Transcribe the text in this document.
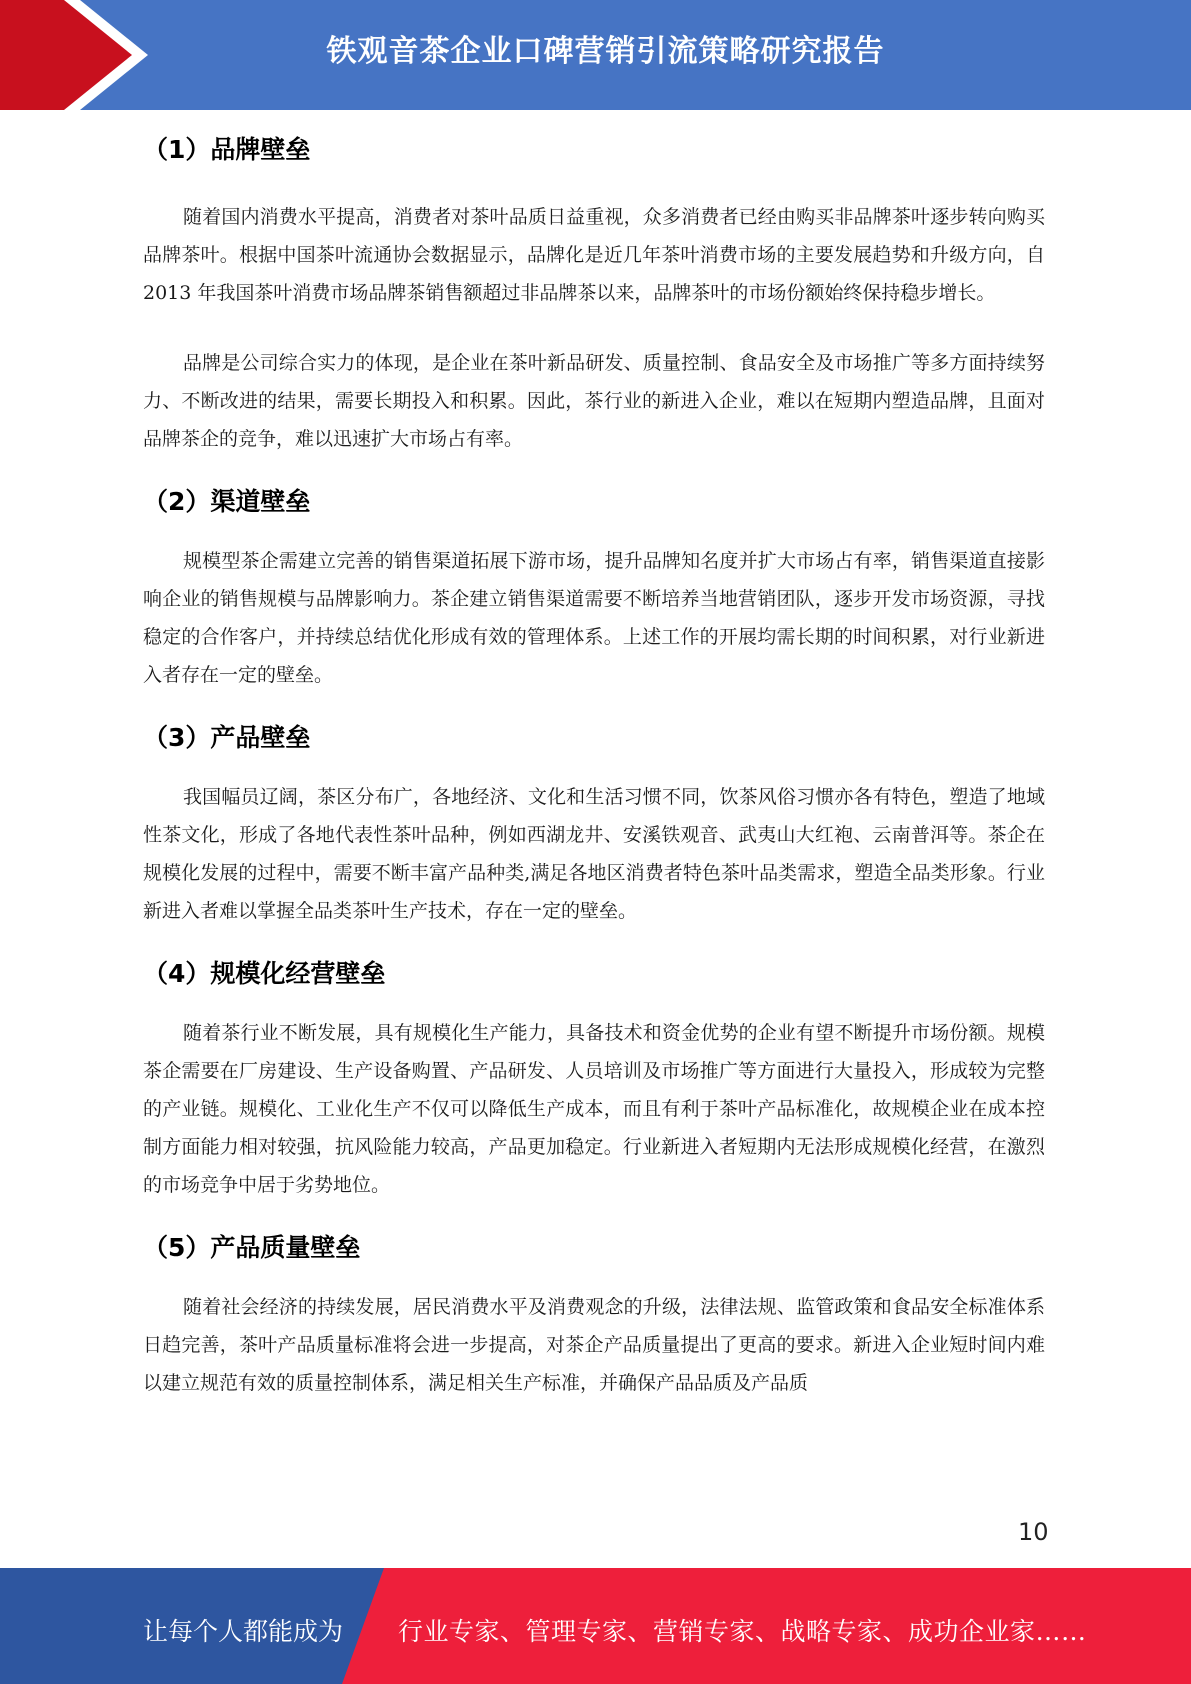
铁观音茶企业口碑营销引流策略研究报告
（1）品牌壁垒

随着国内消费水平提高，消费者对茶叶品质日益重视，众多消费者已经由购买非品牌茶叶逐步转向购买品牌茶叶。根据中国茶叶流通协会数据显示，品牌化是近几年茶叶消费市场的主要发展趋势和升级方向，自 2013 年我国茶叶消费市场品牌茶销售额超过非品牌茶以来，品牌茶叶的市场份额始终保持稳步增长。

品牌是公司综合实力的体现，是企业在茶叶新品研发、质量控制、食品安全及市场推广等多方面持续努力、不断改进的结果，需要长期投入和积累。因此，茶行业的新进入企业，难以在短期内塑造品牌，且面对品牌茶企的竞争，难以迅速扩大市场占有率。

（2）渠道壁垒

规模型茶企需建立完善的销售渠道拓展下游市场，提升品牌知名度并扩大市场占有率，销售渠道直接影响企业的销售规模与品牌影响力。茶企建立销售渠道需要不断培养当地营销团队，逐步开发市场资源，寻找稳定的合作客户，并持续总结优化形成有效的管理体系。上述工作的开展均需长期的时间积累，对行业新进入者存在一定的壁垒。

（3）产品壁垒

我国幅员辽阔，茶区分布广，各地经济、文化和生活习惯不同，饮茶风俗习惯亦各有特色，塑造了地域性茶文化，形成了各地代表性茶叶品种，例如西湖龙井、安溪铁观音、武夷山大红袍、云南普洱等。茶企在规模化发展的过程中，需要不断丰富产品种类,满足各地区消费者特色茶叶品类需求，塑造全品类形象。行业新进入者难以掌握全品类茶叶生产技术，存在一定的壁垒。

（4）规模化经营壁垒

随着茶行业不断发展，具有规模化生产能力，具备技术和资金优势的企业有望不断提升市场份额。规模茶企需要在厂房建设、生产设备购置、产品研发、人员培训及市场推广等方面进行大量投入，形成较为完整的产业链。规模化、工业化生产不仅可以降低生产成本，而且有利于茶叶产品标准化，故规模企业在成本控制方面能力相对较强，抗风险能力较高，产品更加稳定。行业新进入者短期内无法形成规模化经营，在激烈的市场竞争中居于劣势地位。

（5）产品质量壁垒

随着社会经济的持续发展，居民消费水平及消费观念的升级，法律法规、监管政策和食品安全标准体系日趋完善，茶叶产品质量标准将会进一步提高，对茶企产品质量提出了更高的要求。新进入企业短时间内难以建立规范有效的质量控制体系，满足相关生产标准，并确保产品品质及产品质

10
让每个人都能成为 行业专家、管理专家、营销专家、战略专家、成功企业家……
